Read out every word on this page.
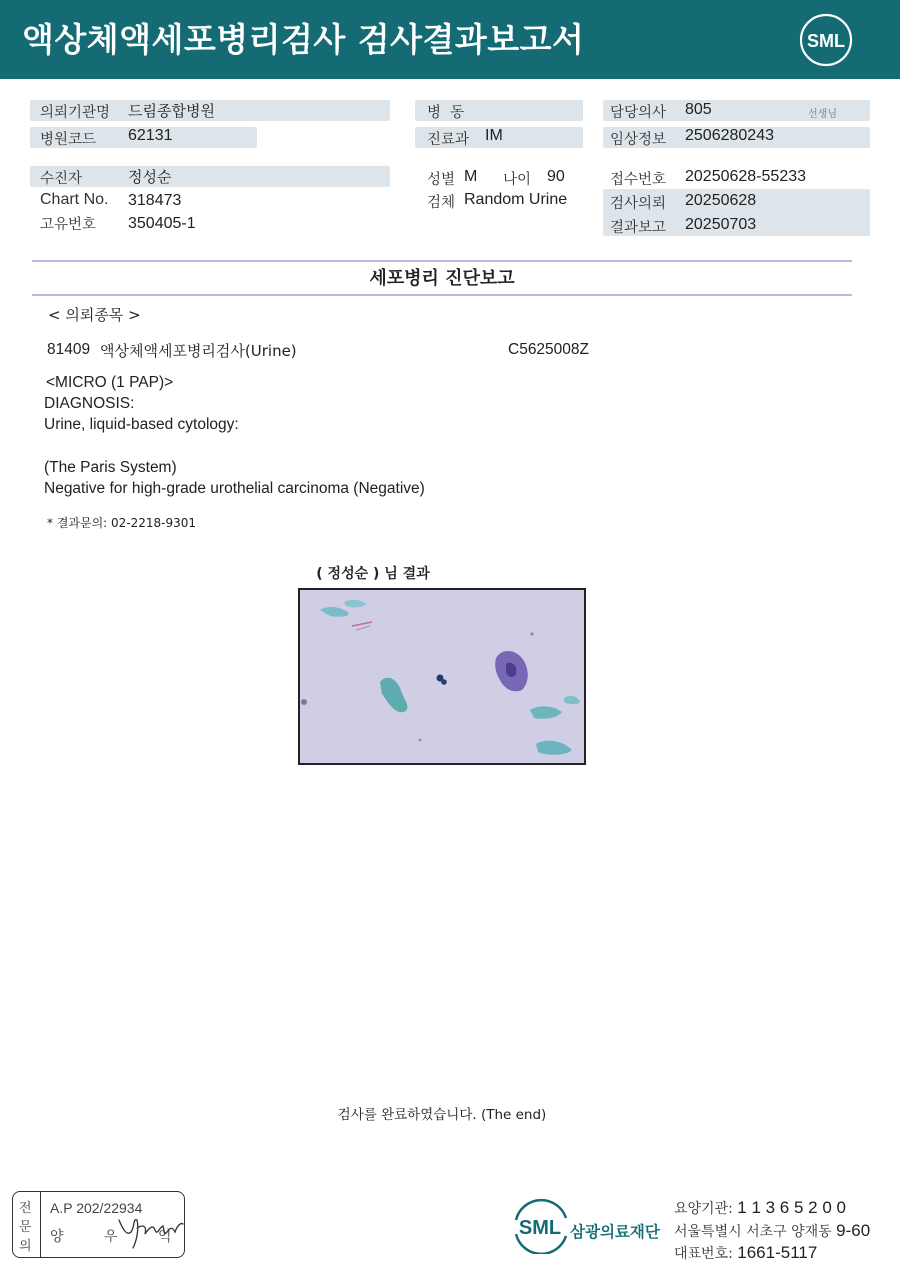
액상체액세포병리검사 검사결과보고서	SML
의뢰기관명 드림종합병원
병원코드 62131
수진자	정성순
Chart No. 318473
고유번호 350405-1
병  동
진료과 IM
성별 M 나이 90
검체 Random Urine
담당의사 805	선생님
임상정보 2506280243
접수번호 20250628-55233
검사의뢰 20250628
결과보고 20250703
세포병리 진단보고
< 의뢰종목 >
81409 액상체액세포병리검사(Urine)	C5625008Z
<MICRO (1 PAP)>
DIAGNOSIS:
Urine, liquid-based cytology:
(The Paris System)
Negative for high-grade urothelial carcinoma (Negative)
* 결과문의: 02-2218-9301
( 정성순 ) 님 결과
검사를 완료하였습니다. (The end)
전
문
의
A.P 202/22934
양 우 익	SML 삼광의료재단
요양기관: 1 1 3 6 5 2 0 0
서울특별시 서초구 양재동 9-60
대표번호: 1661-5117
